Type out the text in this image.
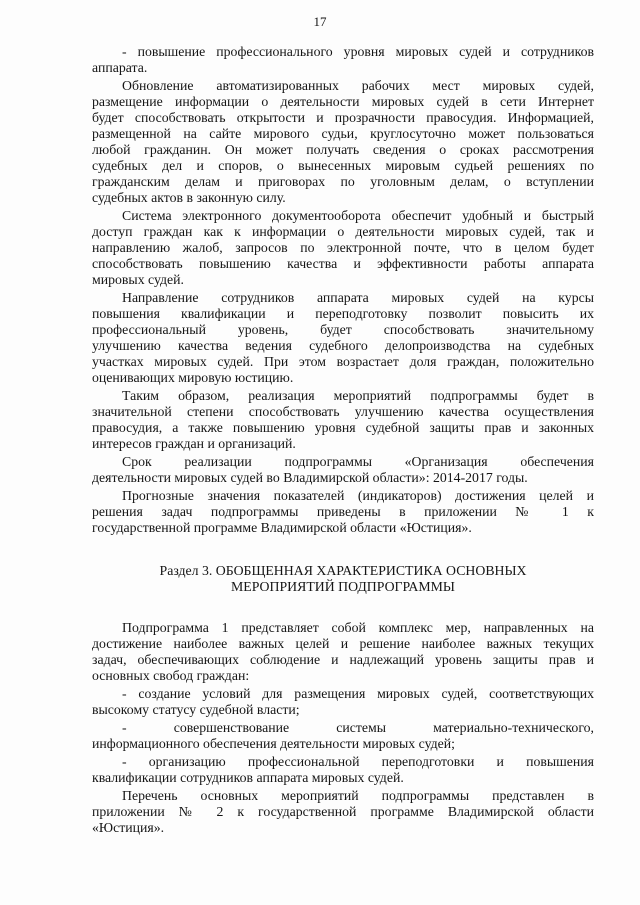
17
- повышение профессионального уровня мировых судей и сотрудников
аппарата.
Обновление автоматизированных рабочих мест мировых судей,
размещение информации о деятельности мировых судей в сети Интернет
будет способствовать открытости и прозрачности правосудия. Информацией,
размещенной на сайте мирового судьи, круглосуточно может пользоваться
любой гражданин. Он может получать сведения о сроках рассмотрения
судебных дел и споров, о вынесенных мировым судьей решениях по
гражданским делам и приговорах по уголовным делам, о вступлении
судебных актов в законную силу.
Система электронного документооборота обеспечит удобный и быстрый
доступ граждан как к информации о деятельности мировых судей, так и
направлению жалоб, запросов по электронной почте, что в целом будет
способствовать повышению качества и эффективности работы аппарата
мировых судей.
Направление сотрудников аппарата мировых судей на курсы
повышения квалификации и переподготовку позволит повысить их
профессиональный уровень, будет способствовать значительному
улучшению качества ведения судебного делопроизводства на судебных
участках мировых судей. При этом возрастает доля граждан, положительно
оценивающих мировую юстицию.
Таким образом, реализация мероприятий подпрограммы будет в
значительной степени способствовать улучшению качества осуществления
правосудия, а также повышению уровня судебной защиты прав и законных
интересов граждан и организаций.
Срок реализации подпрограммы «Организация обеспечения
деятельности мировых судей во Владимирской области»: 2014-2017 годы.
Прогнозные значения показателей (индикаторов) достижения целей и
решения задач подпрограммы приведены в приложении № 1 к
государственной программе Владимирской области «Юстиция».
Раздел 3. ОБОБЩЕННАЯ ХАРАКТЕРИСТИКА ОСНОВНЫХ
МЕРОПРИЯТИЙ ПОДПРОГРАММЫ
Подпрограмма 1 представляет собой комплекс мер, направленных на
достижение наиболее важных целей и решение наиболее важных текущих
задач, обеспечивающих соблюдение и надлежащий уровень защиты прав и
основных свобод граждан:
- создание условий для размещения мировых судей, соответствующих
высокому статусу судебной власти;
- совершенствование системы материально-технического,
информационного обеспечения деятельности мировых судей;
- организацию профессиональной переподготовки и повышения
квалификации сотрудников аппарата мировых судей.
Перечень основных мероприятий подпрограммы представлен в
приложении № 2 к государственной программе Владимирской области
«Юстиция».
